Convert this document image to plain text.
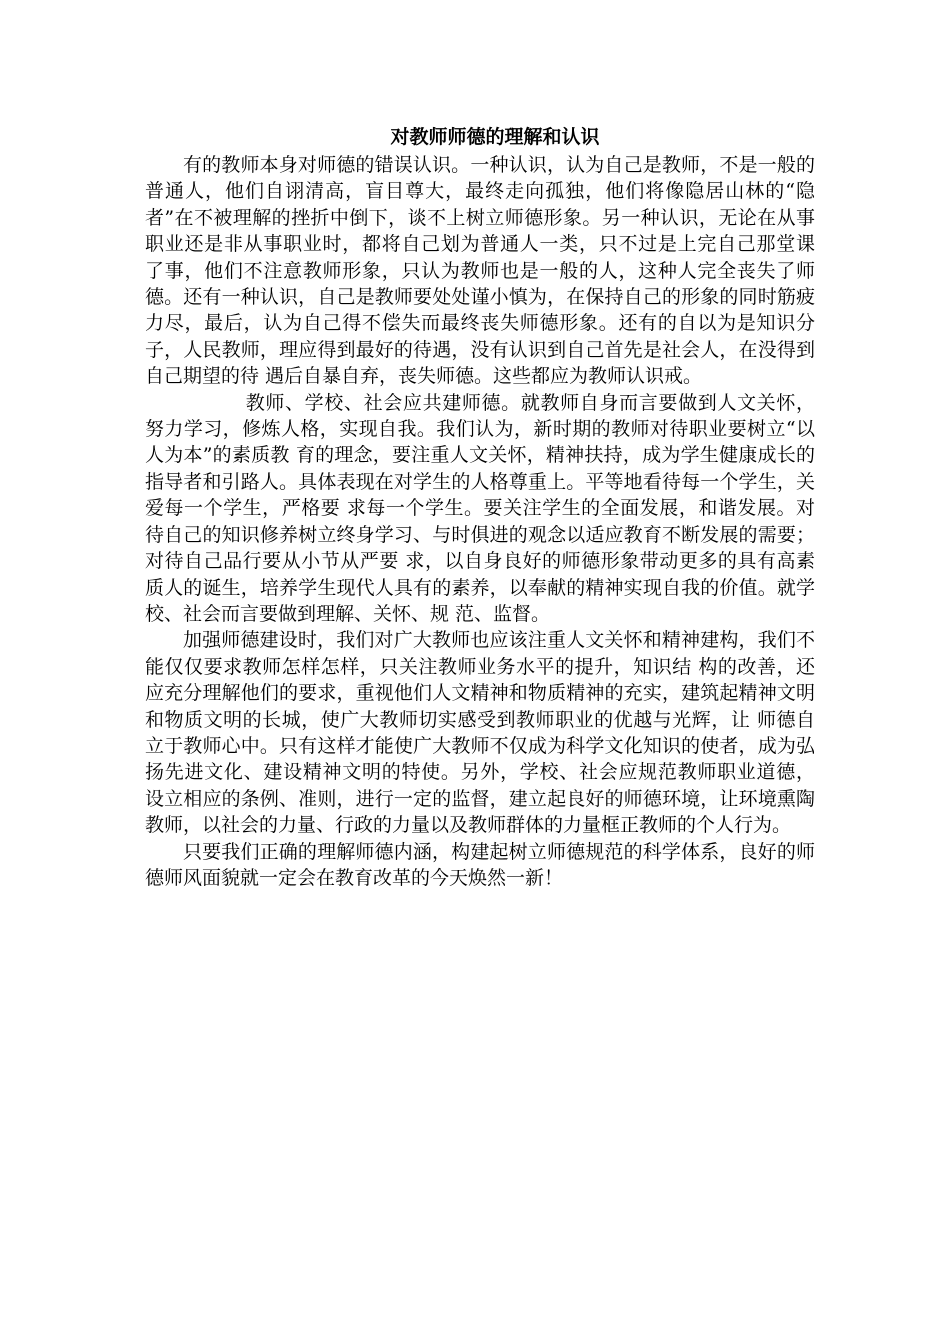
对教师师德的理解和认识

有的教师本身对师德的错误认识。一种认识，认为自己是教师，不是一般的普通人，他们自诩清高，盲目尊大，最终走向孤独，他们将像隐居山林的“隐者”在不被理解的挫折中倒下，谈不上树立师德形象。另一种认识，无论在从事职业还是非从事职业时，都将自己划为普通人一类，只不过是上完自己那堂课 了事，他们不注意教师形象，只认为教师也是一般的人，这种人完全丧失了师德。还有一种认识，自己是教师要处处谨小慎为，在保持自己的形象的同时筋疲力尽，最后，认为自己得不偿失而最终丧失师德形象。还有的自以为是知识分子，人民教师，理应得到最好的待遇，没有认识到自己首先是社会人，在没得到自己期望的待 遇后自暴自弃，丧失师德。这些都应为教师认识戒。

教师、学校、社会应共建师德。就教师自身而言要做到人文关怀，努力学习，修炼人格，实现自我。我们认为，新时期的教师对待职业要树立“以人为本”的素质教 育的理念，要注重人文关怀，精神扶持，成为学生健康成长的指导者和引路人。具体表现在对学生的人格尊重上。平等地看待每一个学生，关爱每一个学生，严格要 求每一个学生。要关注学生的全面发展，和谐发展。对待自己的知识修养树立终身学习、与时俱进的观念以适应教育不断发展的需要；对待自己品行要从小节从严要 求，以自身良好的师德形象带动更多的具有高素质人的诞生，培养学生现代人具有的素养，以奉献的精神实现自我的价值。就学校、社会而言要做到理解、关怀、规 范、监督。

加强师德建设时，我们对广大教师也应该注重人文关怀和精神建构，我们不能仅仅要求教师怎样怎样，只关注教师业务水平的提升，知识结 构的改善，还应充分理解他们的要求，重视他们人文精神和物质精神的充实，建筑起精神文明和物质文明的长城，使广大教师切实感受到教师职业的优越与光辉，让 师德自立于教师心中。只有这样才能使广大教师不仅成为科学文化知识的使者，成为弘扬先进文化、建设精神文明的特使。另外，学校、社会应规范教师职业道德， 设立相应的条例、准则，进行一定的监督，建立起良好的师德环境，让环境熏陶教师，以社会的力量、行政的力量以及教师群体的力量框正教师的个人行为。

只要我们正确的理解师德内涵，构建起树立师德规范的科学体系，良好的师德师风面貌就一定会在教育改革的今天焕然一新！
